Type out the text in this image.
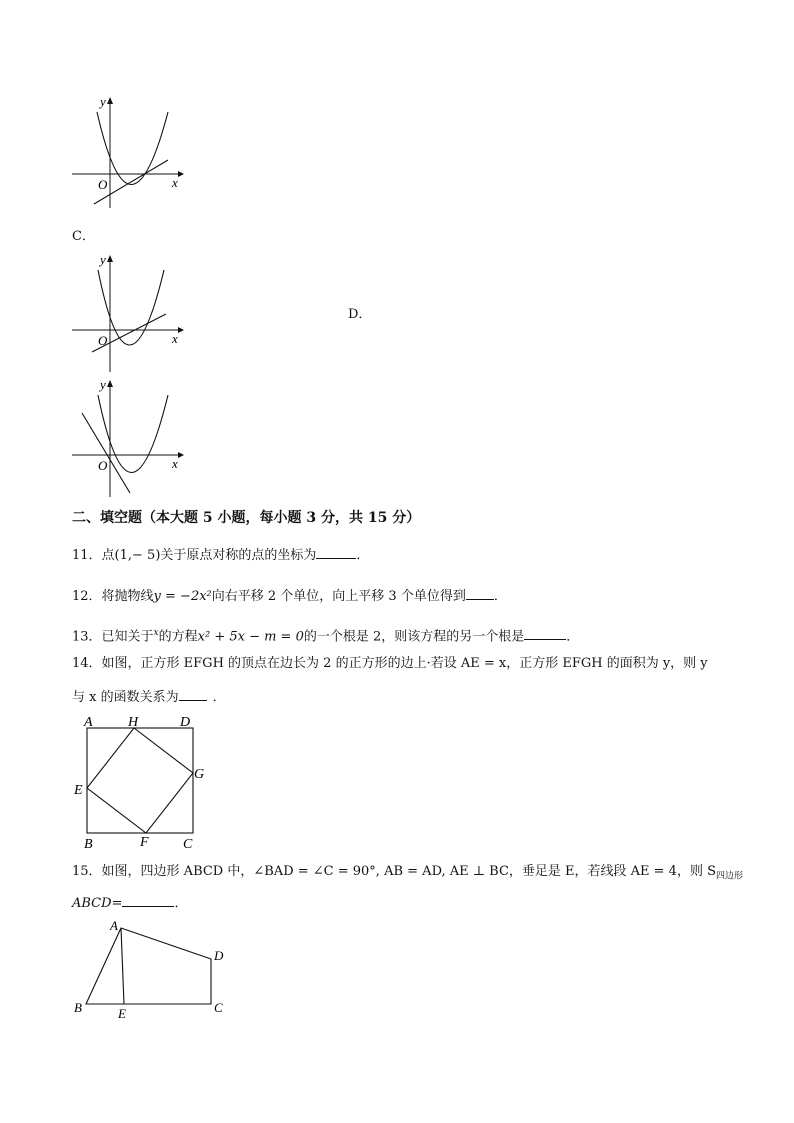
O	x
y
C．
O	x
y
D．
O	x
y
二、填空题（本大题 5 小题，每小题 3 分，共 15 分）
11．点(1,− 5)关于原点对称的点的坐标为	．
12．将抛物线y = −2x²向右平移 2 个单位，向上平移 3 个单位得到 ．
13．已知关于$^x$的方程x² + 5x − m = 0的一个根是 2，则该方程的另一个根是	．
14．如图，正方形 EFGH 的顶点在边长为 2 的正方形的边上·若设 AE = x，正方形 EFGH 的面积为 y，则 y
与 x 的函数关系为	．
A	H	D
E
G
B	F C
15．如图，四边形 ABCD 中，∠BAD = ∠C = 90°, AB = AD, AE ⊥ BC，垂足是 E，若线段 AE = 4，则 $S_{四边形}$
ABCD=	．
A
B	E	C
D
